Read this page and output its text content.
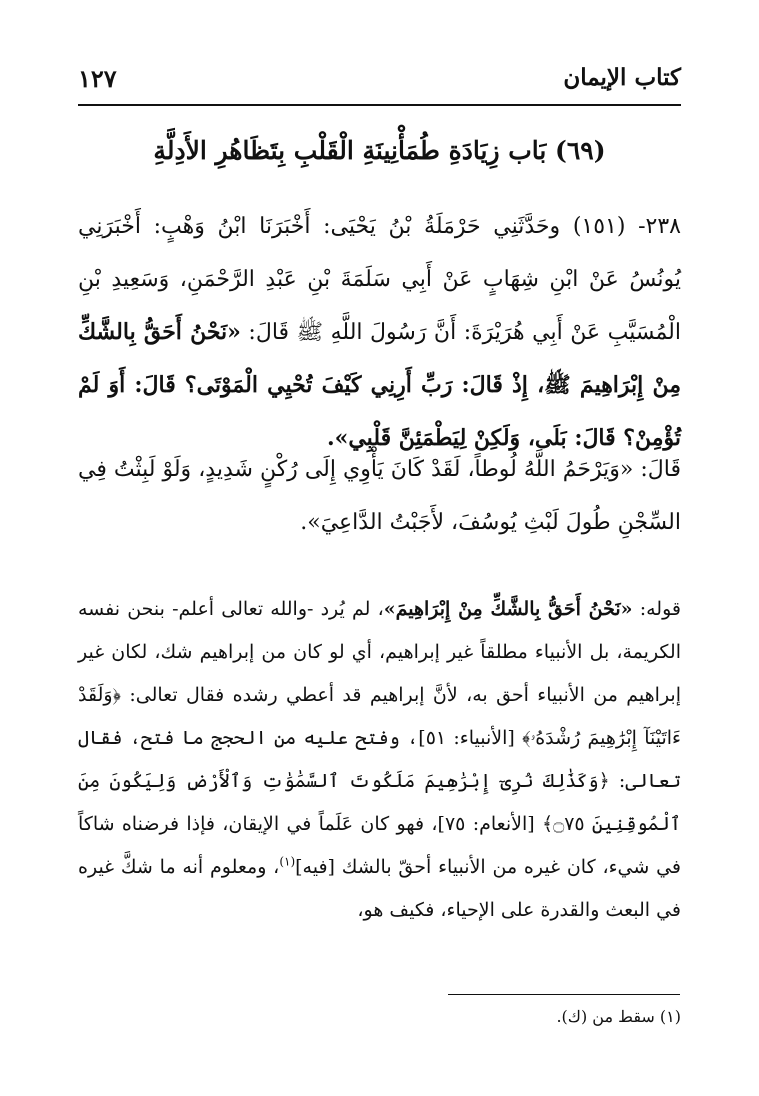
كتاب الإيمان
١٢٧
(٦٩) بَاب زِيَادَةِ طُمَأْنِينَةِ الْقَلْبِ بِتَظَاهُرِ الأَدِلَّةِ

٢٣٨- (١٥١) وحَدَّثَنِي حَرْمَلَةُ بْنُ يَحْيَى: أَخْبَرَنَا ابْنُ وَهْبٍ: أَخْبَرَنِي يُونُسُ عَنْ ابْنِ شِهَابٍ عَنْ أَبِي سَلَمَةَ بْنِ عَبْدِ الرَّحْمَنِ، وَسَعِيدِ بْنِ الْمُسَيَّبِ عَنْ أَبِي هُرَيْرَةَ: أَنَّ رَسُولَ اللَّهِ ﷺ قَالَ: «نَحْنُ أَحَقُّ بِالشَّكِّ مِنْ إِبْرَاهِيمَ ﷺ، إِذْ قَالَ: رَبِّ أَرِنِي كَيْفَ تُحْيِي الْمَوْتَى؟ قَالَ: أَوَ لَمْ تُؤْمِنْ؟ قَالَ: بَلَى، وَلَكِنْ لِيَطْمَئِنَّ قَلْبِي».

قَالَ: «وَيَرْحَمُ اللَّهُ لُوطاً، لَقَدْ كَانَ يَأْوِي إِلَى رُكْنٍ شَدِيدٍ، وَلَوْ لَبِثْتُ فِي السِّجْنِ طُولَ لَبْثِ يُوسُفَ، لأَجَبْتُ الدَّاعِيَ».

قوله: «نَحْنُ أَحَقُّ بِالشَّكِّ مِنْ إِبْرَاهِيمَ»، لم يُرد -والله تعالى أعلم- بنحن نفسه الكريمة، بل الأنبياء مطلقاً غير إبراهيم، أي لو كان من إبراهيم شك، لكان غير إبراهيم من الأنبياء أحق به، لأنَّ إبراهيم قد أعطي رشده فقال تعالى: ﴿وَلَقَدْ ءَاتَيْنَآ إِبْرَٰهِيمَ رُشْدَهُۥ﴾ [الأنبياء: ٥١]، وفتح عليه من الحجج ما فتح، فقال تعالى: ﴿وَكَذَٰلِكَ نُرِىٓ إِبْرَٰهِيمَ مَلَكُوتَ ٱلسَّمَٰوَٰتِ وَٱلْأَرْضِ وَلِيَكُونَ مِنَ ٱلْمُوقِنِينَ ۝٧٥﴾ [الأنعام: ٧٥]، فهو كان عَلَماً في الإيقان، فإذا فرضناه شاكاً في شيء، كان غيره من الأنبياء أحقّ بالشك [فيه]$^{(١)}$، ومعلوم أنه ما شكَّ غيره في البعث والقدرة على الإحياء، فكيف هو،

(١) سقط من (ك).
